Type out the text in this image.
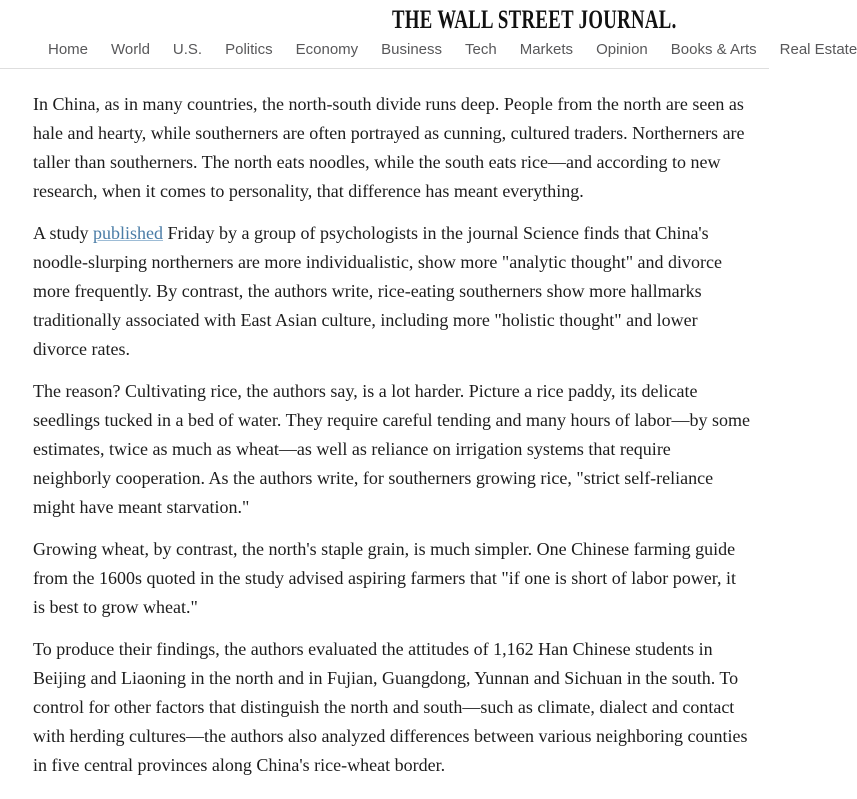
THE WALL STREET JOURNAL.
Home World U.S. Politics Economy Business Tech Markets Opinion Books & Arts Real Estate

In China, as in many countries, the north-south divide runs deep. People from the north are seen as hale and hearty, while southerners are often portrayed as cunning, cultured traders. Northerners are taller than southerners. The north eats noodles, while the south eats rice—and according to new research, when it comes to personality, that difference has meant everything.

A study published Friday by a group of psychologists in the journal Science finds that China's noodle-slurping northerners are more individualistic, show more "analytic thought" and divorce more frequently. By contrast, the authors write, rice-eating southerners show more hallmarks traditionally associated with East Asian culture, including more "holistic thought" and lower divorce rates.

The reason? Cultivating rice, the authors say, is a lot harder. Picture a rice paddy, its delicate seedlings tucked in a bed of water. They require careful tending and many hours of labor—by some estimates, twice as much as wheat—as well as reliance on irrigation systems that require neighborly cooperation. As the authors write, for southerners growing rice, "strict self-reliance might have meant starvation."

Growing wheat, by contrast, the north's staple grain, is much simpler. One Chinese farming guide from the 1600s quoted in the study advised aspiring farmers that "if one is short of labor power, it is best to grow wheat."

To produce their findings, the authors evaluated the attitudes of 1,162 Han Chinese students in Beijing and Liaoning in the north and in Fujian, Guangdong, Yunnan and Sichuan in the south. To control for other factors that distinguish the north and south—such as climate, dialect and contact with herding cultures—the authors also analyzed differences between various neighboring counties in five central provinces along China's rice-wheat border.
